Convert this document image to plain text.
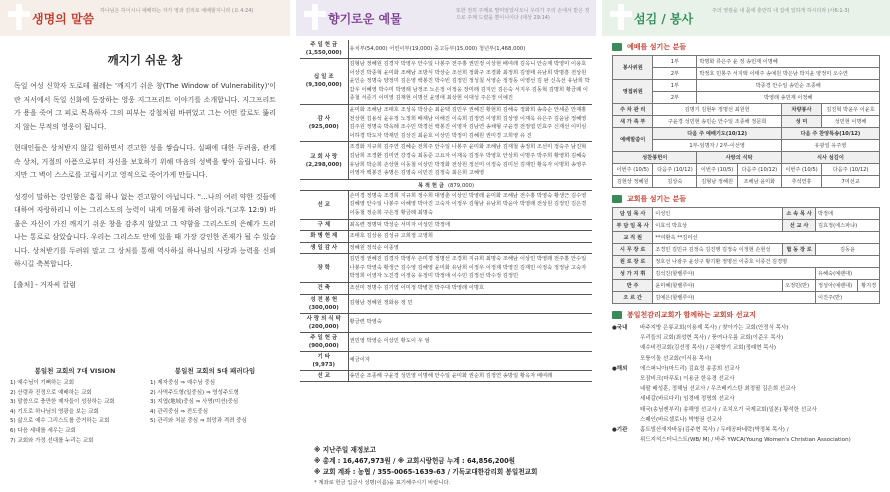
생명의 말씀
하나님은 하이시니 예배하는 자가 영과 진리로 예배할지니라 (요 4:24)
깨지기 쉬운 창

독일 여성 신학자 도로테 죌레는 '깨지기 쉬운 창(The Window of Vulnerability)'이란 저서에서 독일 신화에 등장하는 영웅 지그프리트 이야기를 소개합니다. 지그프리트가 용을 죽여 그 피로 목욕하자 그의 피부는 강철처럼 바뀌었고 그는 어떤 칼로도 뚫리지 않는 무적의 영웅이 됩니다.

현대인들은 상처받지 않길 원하면서 견고한 성을 쌓습니다. 실패에 대한 두려움, 관계 속 상처, 거절의 아픔으로부터 자신을 보호하기 위해 마음의 성벽을 쌓아 올립니다. 하지만 그 벽이 스스로를 고립시키고 영적으로 죽어가게 만듭니다.

성경이 말하는 강인함은 흠집 하나 없는 견고함이 아닙니다. "…나의 여러 약한 것들에 대하여 자랑하리니 이는 그리스도의 능력이 내게 머물게 하려 함이라."(고후 12:9) 바울은 자신이 가진 깨지기 쉬운 창을 감추지 않았고 그 약함을 그리스도의 은혜가 드러나는 통로로 삼았습니다. 우리는 그리스도 안에 있을 때 가장 강인한 존재가 될 수 있습니다. 상처받기를 두려워 말고 그 상처를 통해 역사하실 하나님의 사랑과 능력을 신뢰하시길 축복합니다.

[출처] - 거자씨 칼럼
봉일천 교회의 7대 VISION
1) 예수님이 기뻐하는 교회
2) 산령과 진정으로 예배하는 교회
3) 말씀으로 충만한 제자들이 성장하는 교회
4) 기도로 하나님의 영광을 보는 교회
5) 삶으로 예수 그리스도를 증거하는 교회
6) 다음 세대를 세우는 교회
7) 교회와 가정 선대를 누리는 교회
봉일천 교회의 5대 패러다임
1) 제자중심 ⇒ 예수님 중심
2) 사역주도형(일중심) ⇒ 영성주도형
3) 지엽(地域)중심 ⇒ 사명(미션)중심
4) 관리중심 ⇒ 전도중심
5) 관리와 처분 중심 ⇒ 희망과 격려 중심
향기로운 예물
또한 천히 주께로 말미암았사오니 우리가 주의 손에서 받은 것으로 주께 드렸을 뿐이니이다 (대상 29:14)
주 일 헌 금
(1,550,000)	유치부(54,000) 어린이부(19,000) 중고등부(15,000) 청년부(1,468,000)
십 일 조
(9,300,000)	김형남 정혜원 김경자 박영우 안수일 나봉주 전주홍 권민정 이상현 배여래 김옥니 안승제 박영미 이용호 이상진 박종혁 윤미화 조해남 조방식 박상순 조선희 정화구 조경화 최정희 김영태 유남희 박명흥 전상원 윤인순 정명숙 양정미 김은영 백봉진 박수빈 김정민 정성칠 서영순 정정동 이영선 김 완 신옥선 유남희 박갑우 이혜영 박수미 박영래 남정조 노은정 이정웅 장미래 김지인 김은숙 서지우 김동혁 김명희 황금례 이종철 서준기 이미영 김재현 이명선 윤영애 최상현 이대성 주은정 이예진
감 사
(925,000)	윤미화 조해남 조태호 조성옥 박상순 최윤택 김민우 권혜진 황현희 김해숙 정화희 송측순 안세준 안재홍 전상현 김용석 윤유정 노정희 배재남 이해진 이숙희 김정연 이영희 김상영 이재옥 유은주 김윤남 정혜영 김주원 정명숙 박옥례 조수민 박경선 백봉진 이영자 김남연 송채형 구윤경 전정엽 민효주 신재선 이미심 이하경 박도자 박재민 김상진 최윤호 이상민 박정미 김혜원 권미경 고희영 유 진
교 회 사 랑
(2,298,000)	조경화 지규희 김주연 김혜순 전희주 안수일 나봉주 윤미화 조해남 김재철 송정희 조선미 정숙주 남진혁 김남희 조경환 김미연 강경숙 최동준 고요자 이재옥 김정우 박영호 안상희 이명주 박주희 황영희 김혜숙 유남희 박순희 손상현 이동철 이상민 박정화 전상원 정선미 이정숙 김미선 김재민 황옥자 이명희 송영주 이영자 백봉진 송명은 김영숙 이민진 김정숙 최은희 고혜영
목 적 헌 금 (879,000)	
선 교	손미경 정명숙 조경희 지규희 정수희 대영춘 이상인 박영래 윤미화 조해남 전수홍 박영숙 황생근 김수영 김혜영 안수일 나봉주 이혜영 박아진 고숙자 이정우 김형남 유남희 박윤아 박영래 전상원 김정민 김은경 이동철 정순희 구은정 황금례 최명숙
구 제	최옥련 정명덕 박성순 서미자 이성민 박정애
화 병 헌 제	조태호 김상용 김성규 고희정 고영희
생 일 감 사	정혜원 정석순 이종영
장 학	김민정 권혜진 김경자 박영우 손미경 정명선 조경희 지규희 최명숙 조해남 이상민 박영래 전주홍 안수일 나봉주 박영숙 황생근 김수영 김혜영 윤미화 유남희 이정우 이정재 박영진 김재민 이정숙 정정남 고숙자 박정희 이영자 노진경 이정웅 유정미 박정애 이수민 김정선 박수정 김정민
건 축	조선미 정명수 김기엽 이미정 박병천 박주대 박영래 이명호
성 전 봉 헌
(300,000)	김형남 정혜원 정화용 정 민
사 랑 의 식 탁
(200,000)	황금련 박영숙
주 일 헌 금
(900,000)	권민영 박영순 이상민 황도이 우 엄
기 타
(9,973)	예금이자
선 교	송민순 조종해 구윤경 성민영 이명해 안수일 윤미화 권순희 김정연 송방일 황옥자 배여래
※ 지난주일 재정보고
※ 총계 : 16,467,973원 / ※ 교회시랑헌금 누계 : 64,856,200원
※ 교회 계좌 : 농협 / 355-0065-1639-63 / 기독교대한감리회 봉일천교회
* 계좌로 헌금 입금시 성명(이름)을 표기해주시기 바랍니다.
섬김 / 봉사
주의 영광을 내 몫에 충만히 내 집에 일하게 하시더라 (사6:1-3)
예배를 섬기는 분들
봉사위원	1부	박명화 류은주 윤 정 송민재 이명혜			
	2부	박정호 민봉주 서지택 이태주 송예원 박은남 박지윤 양정미 오수연			
영접위원	1부	박종경 안수일 송민순 조종해			
	2부	박영래 송민재 이정혜			
주 차 관 리	김명기 김현두 정명선 최원헌			차량봉사	김진혁 박윤우 이윤호
새 가 족 부	구윤경 성민현 송민순 안수일 조종해 정문희			성 미	성민현 이명해
예배말씀이	다음 주 예배기도(10/12)			다음 주 찬양특송(10/12)	
	1부-임명자 / 2부-이선영			유광일 유주영	
성찬봉헌이		사랑의 식탁		식사 섬김이	
이번주 (10/5)	다음주 (10/12)	이번주 (10/5)	다음주 (10/12)	이번주 (10/5)	다음주 (10/12)
김현상 정혜원	김상숙	김형남 정혜원	조해남 윤미화	추석연휴	7여선교
교회를 섬기는 분들
담 임 목 사	이성인	소 속 목 사	박정애	
부 담 임 목 사	이효석 박효상	선 교 사	김효정(에스파냐)	
교 직 원	**여환옥 **김미선			
시 무 장 로	조경민 김민규 김정숙 김진행 김정숙 이정현 손현성	협 동 장 로	김동윤	
원 로 장 로	정호선 나광주 윤상구 황기환 정명선 이중호 이종건 김경명			
성 가 지 휘	김석진(할렐루야)		유혜숙(예랜대)	
반 주	윤미혜(할렐루야)	오정민(반)	정성아(예랜대)	황지경
오 르 간	김예은(할렐루야)		이진주(반)	
봉일천감리교회가 함께하는 교회와 선교지
●국내	바주지방 은류교회(이용제 목사) / 찾아가는 교회(안정식 목사)
우리들의 교회(최성현 목사) / 풍여나우름 교회(이준우 목사)
예수비전교회(김선정 목사) / 은혜향기 교회(정래현 목사)
모퉁이돌 선교회(이서용 목사)
●해외	에스퍼니아(마드리) 김효정 송종희 선교사
모잠비크(마푸토) 이용균 한유경 선교사
네팔 배성훈, 정해님 선교사 / 우즈베키스탄 최정필 김은희 선교사
세네갈(바르다리) 임경배 정명희 선교사
태국(송님켄부리) 송해영 선교사 / 조치오기 국제교회(일본) 황석한 선교사
스페인(바르셀로나) 박병권 선교사
●기관	홈트빌산새자바동(김주현 목사) / 두레공파네락(박정복 목사) /
위드지석스터니스트(WB/ M) / 바주 YWCA(Young Women's Christian Association)
